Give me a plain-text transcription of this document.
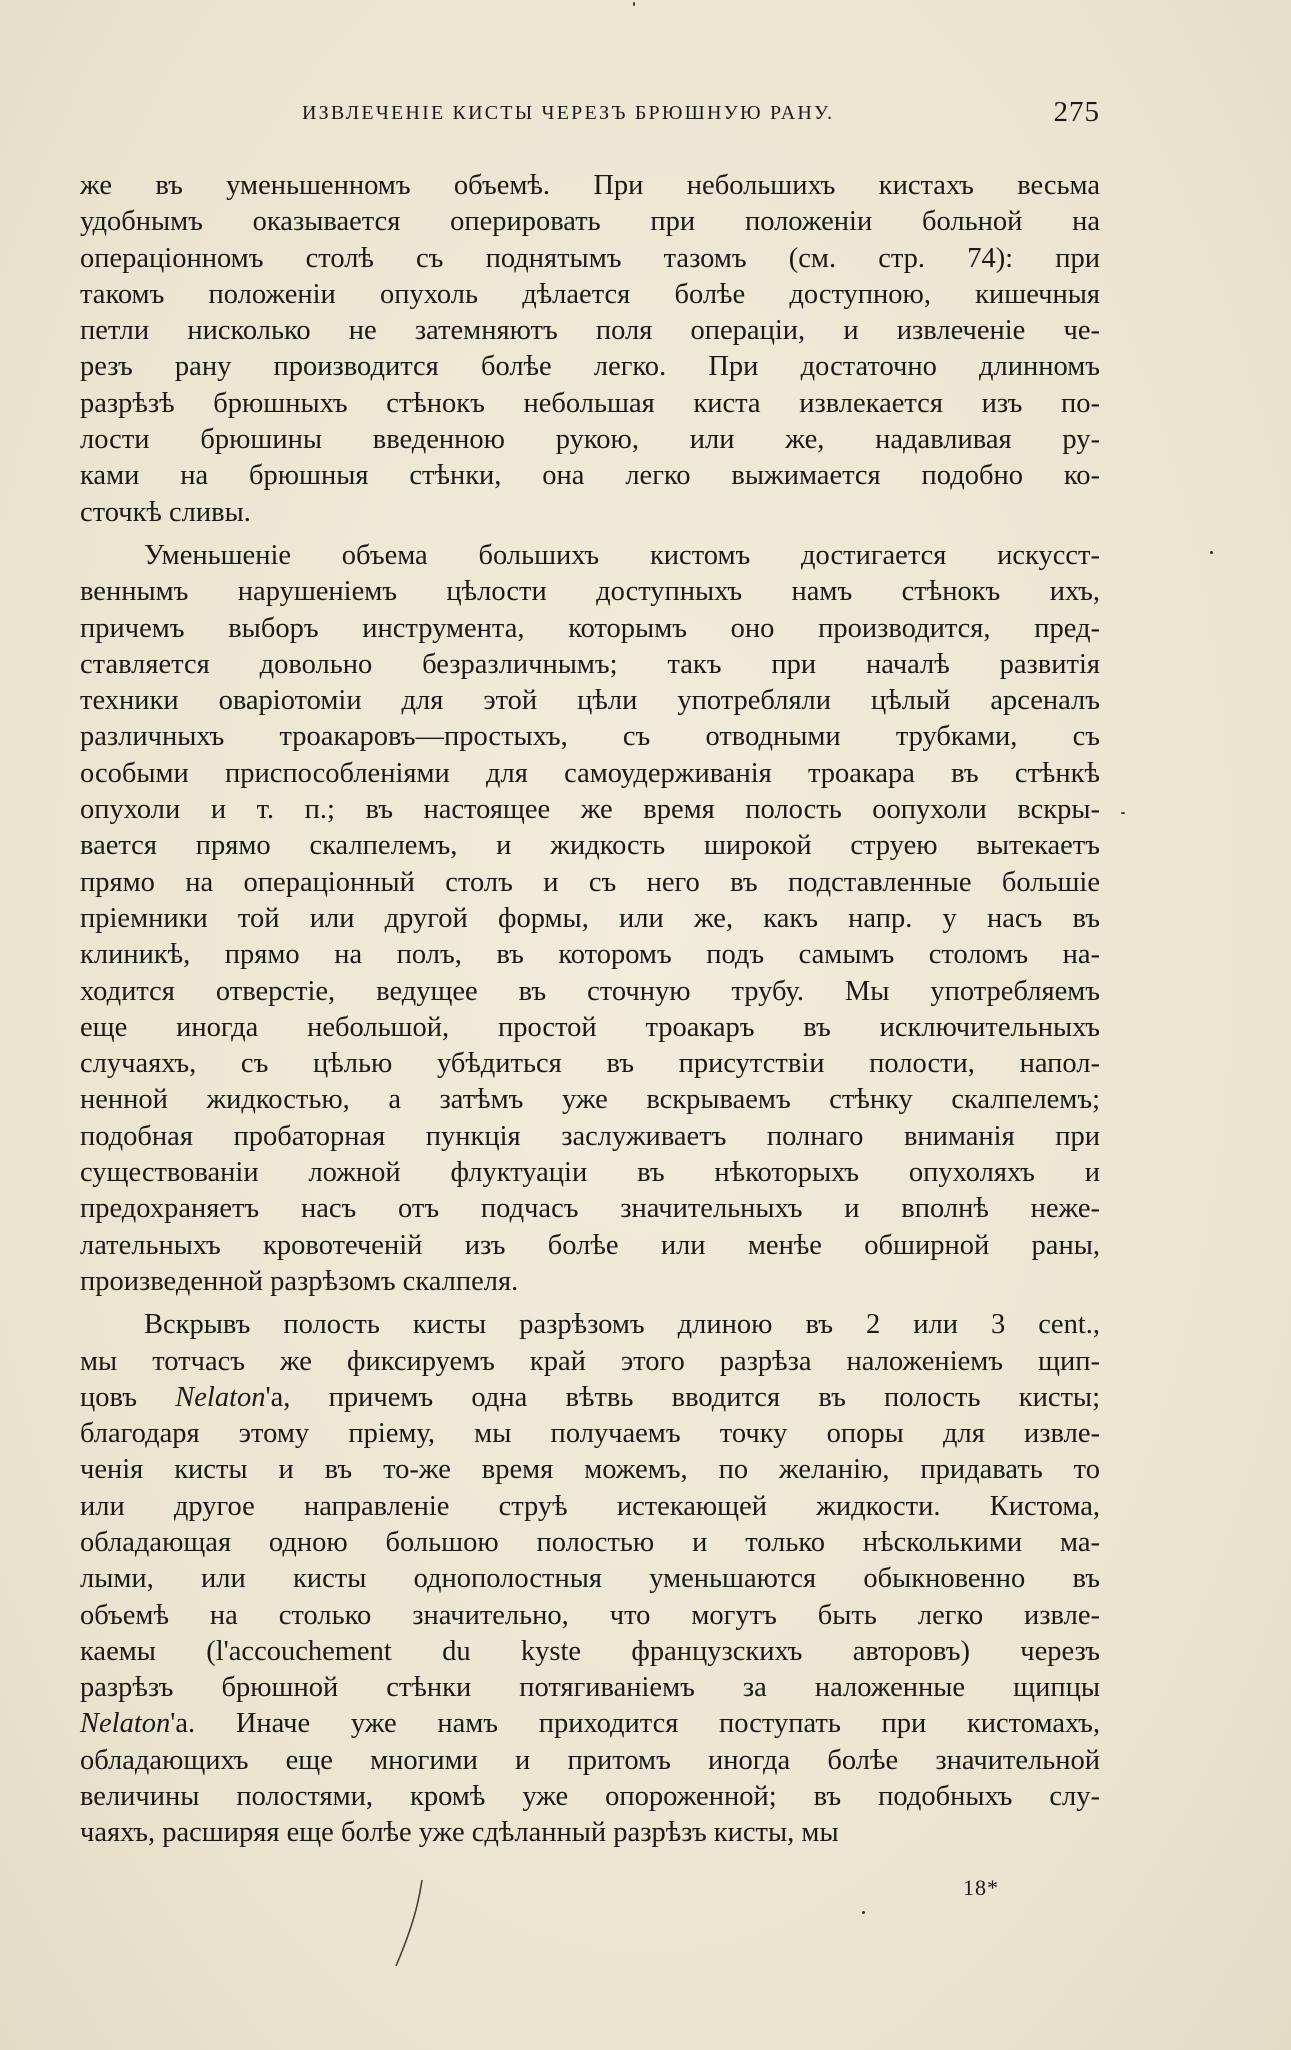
ИЗВЛЕЧЕНІЕ КИСТЫ ЧЕРЕЗЪ БРЮШНУЮ РАНУ.	275
же въ уменьшенномъ объемѣ. При небольшихъ кистахъ весьма
удобнымъ оказывается оперировать при положеніи больной на
операціонномъ столѣ съ поднятымъ тазомъ (см. стр. 74): при
такомъ положеніи опухоль дѣлается болѣе доступною, кишечныя
петли нисколько не затемняютъ поля операціи, и извлеченіе че-
резъ рану производится болѣе легко. При достаточно длинномъ
разрѣзѣ брюшныхъ стѣнокъ небольшая киста извлекается изъ по-
лости брюшины введенною рукою, или же, надавливая ру-
ками на брюшныя стѣнки, она легко выжимается подобно ко-
сточкѣ сливы.
Уменьшеніе объема большихъ кистомъ достигается искусст-
веннымъ нарушеніемъ цѣлости доступныхъ намъ стѣнокъ ихъ,
причемъ выборъ инструмента, которымъ оно производится, пред-
ставляется довольно безразличнымъ; такъ при началѣ развитія
техники оваріотоміи для этой цѣли употребляли цѣлый арсеналъ
различныхъ троакаровъ—простыхъ, съ отводными трубками, съ
особыми приспособленіями для самоудерживанія троакара въ стѣнкѣ
опухоли и т. п.; въ настоящее же время полость оопухоли вскры-
вается прямо скалпелемъ, и жидкость широкой струею вытекаетъ
прямо на операціонный столъ и съ него въ подставленные большіе
пріемники той или другой формы, или же, какъ напр. у насъ въ
клиникѣ, прямо на полъ, въ которомъ подъ самымъ столомъ на-
ходится отверстіе, ведущее въ сточную трубу. Мы употребляемъ
еще иногда небольшой, простой троакаръ въ исключительныхъ
случаяхъ, съ цѣлью убѣдиться въ присутствіи полости, напол-
ненной жидкостью, а затѣмъ уже вскрываемъ стѣнку скалпелемъ;
подобная пробаторная пункція заслуживаетъ полнаго вниманія при
существованіи ложной флуктуаціи въ нѣкоторыхъ опухоляхъ и
предохраняетъ насъ отъ подчасъ значительныхъ и вполнѣ неже-
лательныхъ кровотеченій изъ болѣе или менѣе обширной раны,
произведенной разрѣзомъ скалпеля.
Вскрывъ полость кисты разрѣзомъ длиною въ 2 или 3 cent.,
мы тотчасъ же фиксируемъ край этого разрѣза наложеніемъ щип-
цовъ Nelaton'а, причемъ одна вѣтвь вводится въ полость кисты;
благодаря этому пріему, мы получаемъ точку опоры для извле-
ченія кисты и въ то-же время можемъ, по желанію, придавать то
или другое направленіе струѣ истекающей жидкости. Кистома,
обладающая одною большою полостью и только нѣсколькими ма-
лыми, или кисты однополостныя уменьшаются обыкновенно въ
объемѣ на столько значительно, что могутъ быть легко извле-
каемы (l'accouchement du kyste французскихъ авторовъ) черезъ
разрѣзъ брюшной стѣнки потягиваніемъ за наложенные щипцы
Nelaton'а. Иначе уже намъ приходится поступать при кистомахъ,
обладающихъ еще многими и притомъ иногда болѣе значительной
величины полостями, кромѣ уже опороженной; въ подобныхъ слу-
чаяхъ, расширяя еще болѣе уже сдѣланный разрѣзъ кисты, мы
18*
